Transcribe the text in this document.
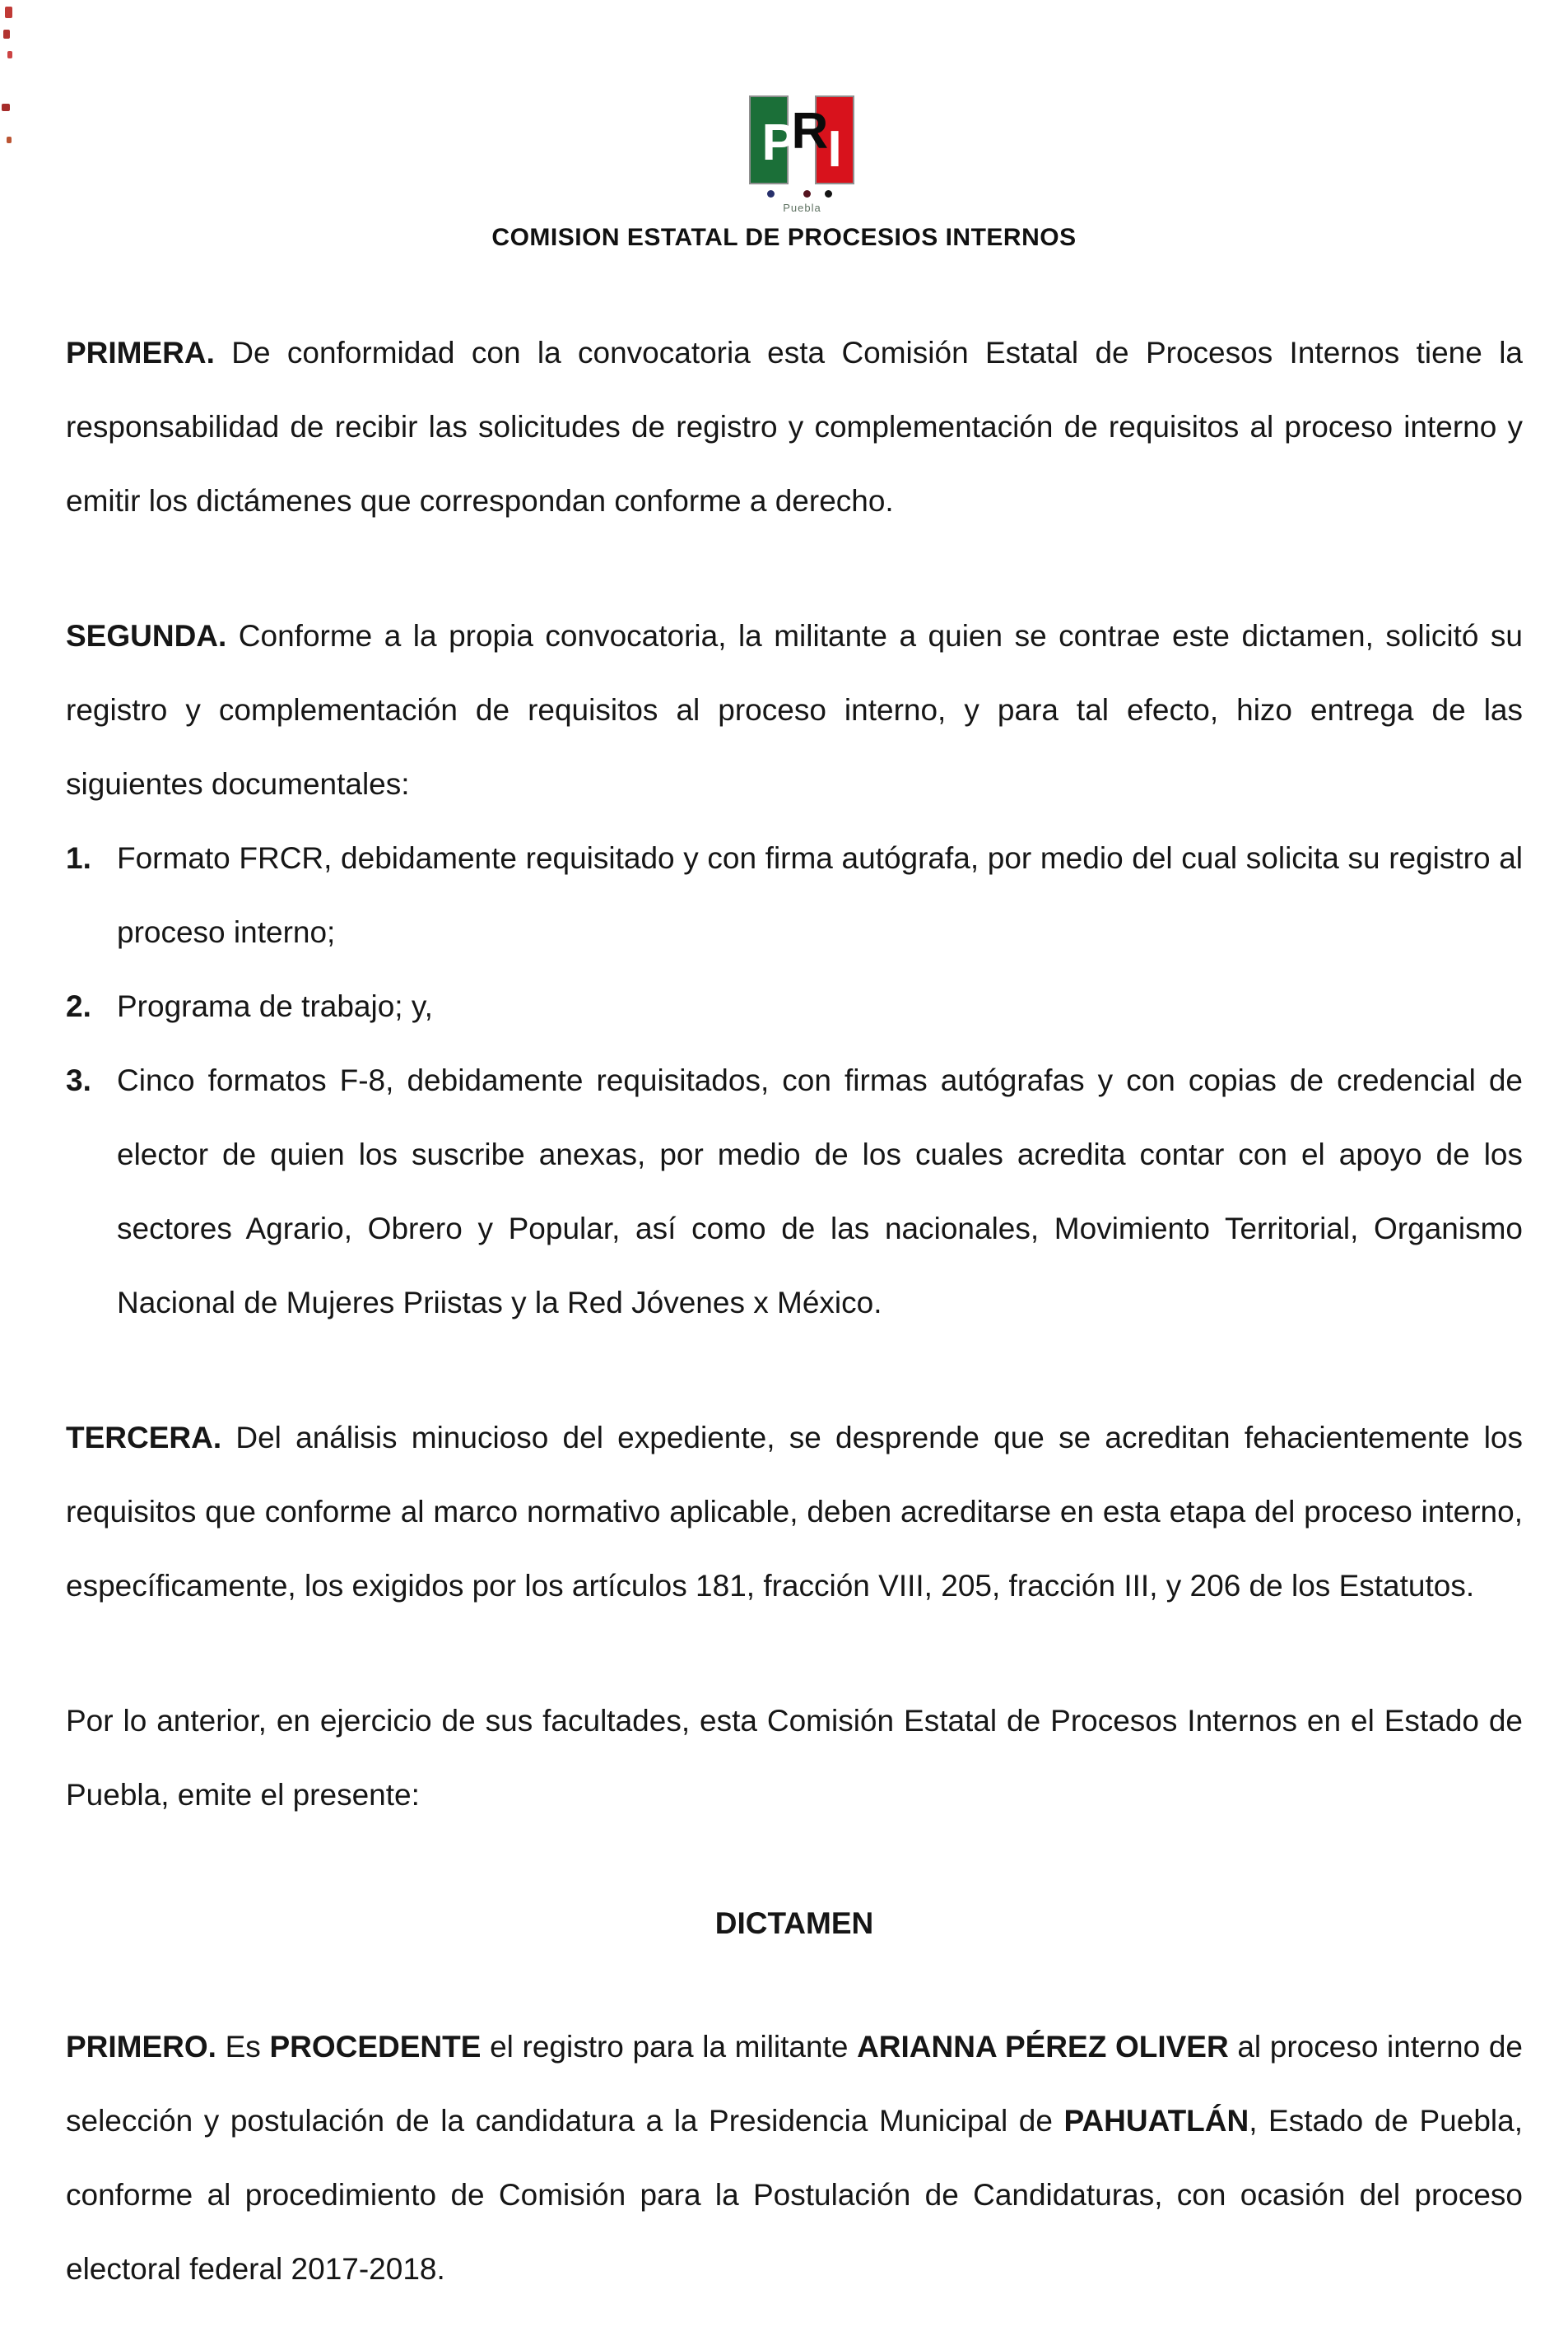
P
R I
Puebla
COMISION ESTATAL DE PROCESIOS INTERNOS

PRIMERA. De conformidad con la convocatoria esta Comisión Estatal de Procesos Internos tiene la responsabilidad de recibir las solicitudes de registro y complementación de requisitos al proceso interno y emitir los dictámenes que correspondan conforme a derecho.

SEGUNDA. Conforme a la propia convocatoria, la militante a quien se contrae este dictamen, solicitó su registro y complementación de requisitos al proceso interno, y para tal efecto, hizo entrega de las siguientes documentales:

1. Formato FRCR, debidamente requisitado y con firma autógrafa, por medio del cual solicita su registro al proceso interno;
2. Programa de trabajo; y,
3. Cinco formatos F-8, debidamente requisitados, con firmas autógrafas y con copias de credencial de elector de quien los suscribe anexas, por medio de los cuales acredita contar con el apoyo de los sectores Agrario, Obrero y Popular, así como de las nacionales, Movimiento Territorial, Organismo Nacional de Mujeres Priistas y la Red Jóvenes x México.

TERCERA. Del análisis minucioso del expediente, se desprende que se acreditan fehacientemente los requisitos que conforme al marco normativo aplicable, deben acreditarse en esta etapa del proceso interno, específicamente, los exigidos por los artículos 181, fracción VIII, 205, fracción III, y 206 de los Estatutos.

Por lo anterior, en ejercicio de sus facultades, esta Comisión Estatal de Procesos Internos en el Estado de Puebla, emite el presente:

DICTAMEN

PRIMERO. Es PROCEDENTE el registro para la militante ARIANNA PÉREZ OLIVER al proceso interno de selección y postulación de la candidatura a la Presidencia Municipal de PAHUATLÁN, Estado de Puebla, conforme al procedimiento de Comisión para la Postulación de Candidaturas, con ocasión del proceso electoral federal 2017-2018.
